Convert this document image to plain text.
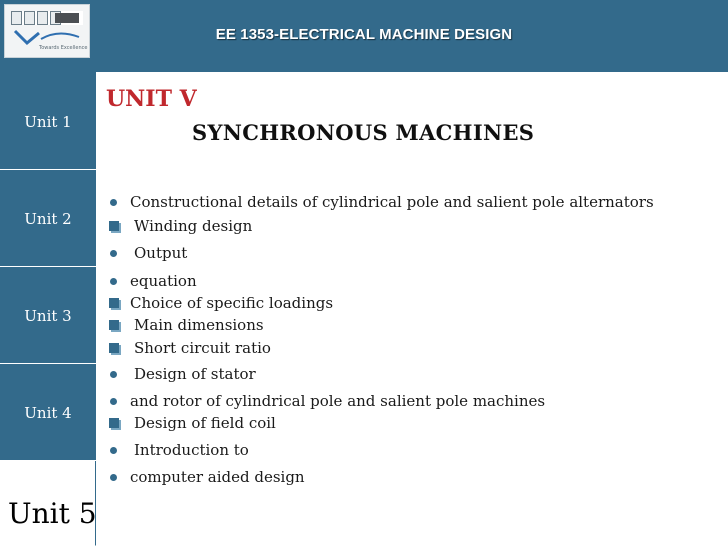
Towards Excellence
EE 1353-ELECTRICAL MACHINE DESIGN
Unit 1
Unit 2
Unit 3
Unit 4
Unit 5
UNIT V
SYNCHRONOUS MACHINES
Constructional details of cylindrical pole and salient pole alternators
Winding design
Output
equation
Choice of specific loadings
Main dimensions
Short circuit ratio
Design of stator
and rotor of cylindrical pole and salient pole machines
Design of field coil
Introduction to
computer aided design
